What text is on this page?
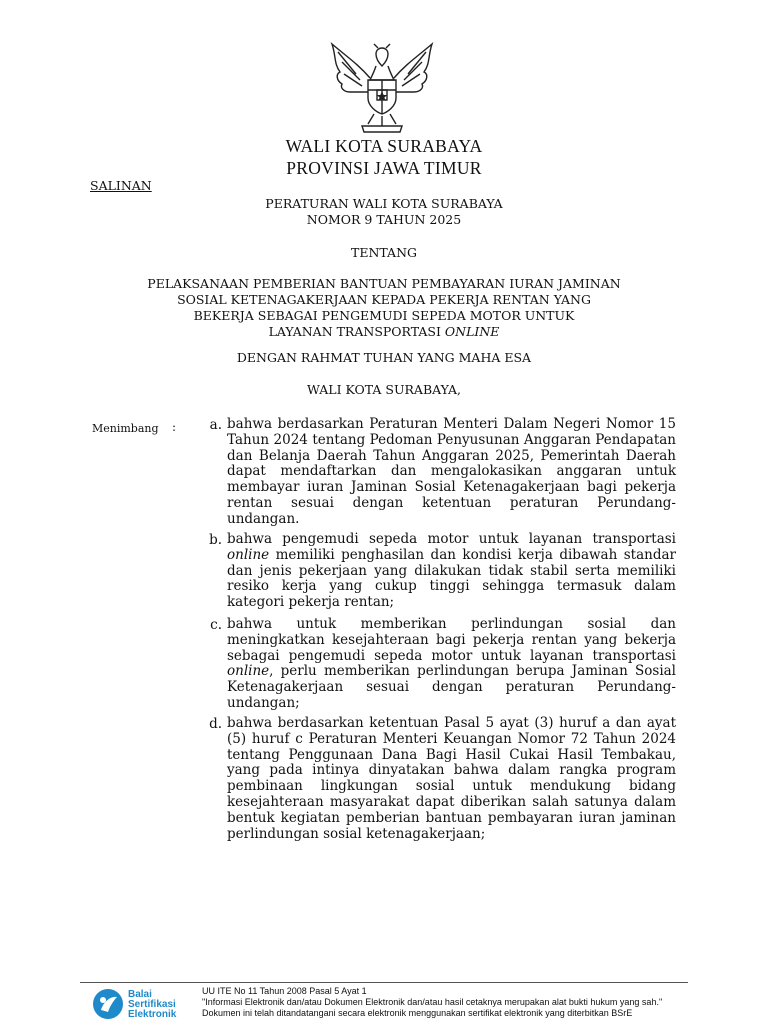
WALI KOTA SURABAYA
PROVINSI JAWA TIMUR
SALINAN
PERATURAN WALI KOTA SURABAYA
NOMOR 9 TAHUN 2025
TENTANG
PELAKSANAAN PEMBERIAN BANTUAN PEMBAYARAN IURAN JAMINAN
SOSIAL KETENAGAKERJAAN KEPADA PEKERJA RENTAN YANG
BEKERJA SEBAGAI PENGEMUDI SEPEDA MOTOR UNTUK
LAYANAN TRANSPORTASI ONLINE
DENGAN RAHMAT TUHAN YANG MAHA ESA
WALI KOTA SURABAYA,
Menimbang :	a. bahwa berdasarkan Peraturan Menteri Dalam Negeri Nomor 15 Tahun 2024 tentang Pedoman Penyusunan Anggaran Pendapatan dan Belanja Daerah Tahun Anggaran 2025, Pemerintah Daerah dapat mendaftarkan dan mengalokasikan anggaran untuk membayar iuran Jaminan Sosial Ketenagakerjaan bagi pekerja rentan sesuai dengan ketentuan peraturan Perundang-undangan.
b. bahwa pengemudi sepeda motor untuk layanan transportasi online memiliki penghasilan dan kondisi kerja dibawah standar dan jenis pekerjaan yang dilakukan tidak stabil serta memiliki resiko kerja yang cukup tinggi sehingga termasuk dalam kategori pekerja rentan;
c. bahwa untuk memberikan perlindungan sosial dan meningkatkan kesejahteraan bagi pekerja rentan yang bekerja sebagai pengemudi sepeda motor untuk layanan transportasi online, perlu memberikan perlindungan berupa Jaminan Sosial Ketenagakerjaan sesuai dengan peraturan Perundang- undangan;
d. bahwa berdasarkan ketentuan Pasal 5 ayat (3) huruf a dan ayat (5) huruf c Peraturan Menteri Keuangan Nomor 72 Tahun 2024 tentang Penggunaan Dana Bagi Hasil Cukai Hasil Tembakau, yang pada intinya dinyatakan bahwa dalam rangka program pembinaan lingkungan sosial untuk mendukung bidang kesejahteraan masyarakat dapat diberikan salah satunya dalam bentuk kegiatan pemberian bantuan pembayaran iuran jaminan perlindungan sosial ketenagakerjaan;
Balai
Sertifikasi
Elektronik
UU ITE No 11 Tahun 2008 Pasal 5 Ayat 1
"Informasi Elektronik dan/atau Dokumen Elektronik dan/atau hasil cetaknya merupakan alat bukti hukum yang sah."
Dokumen ini telah ditandatangani secara elektronik menggunakan sertifikat elektronik yang diterbitkan BSrE
